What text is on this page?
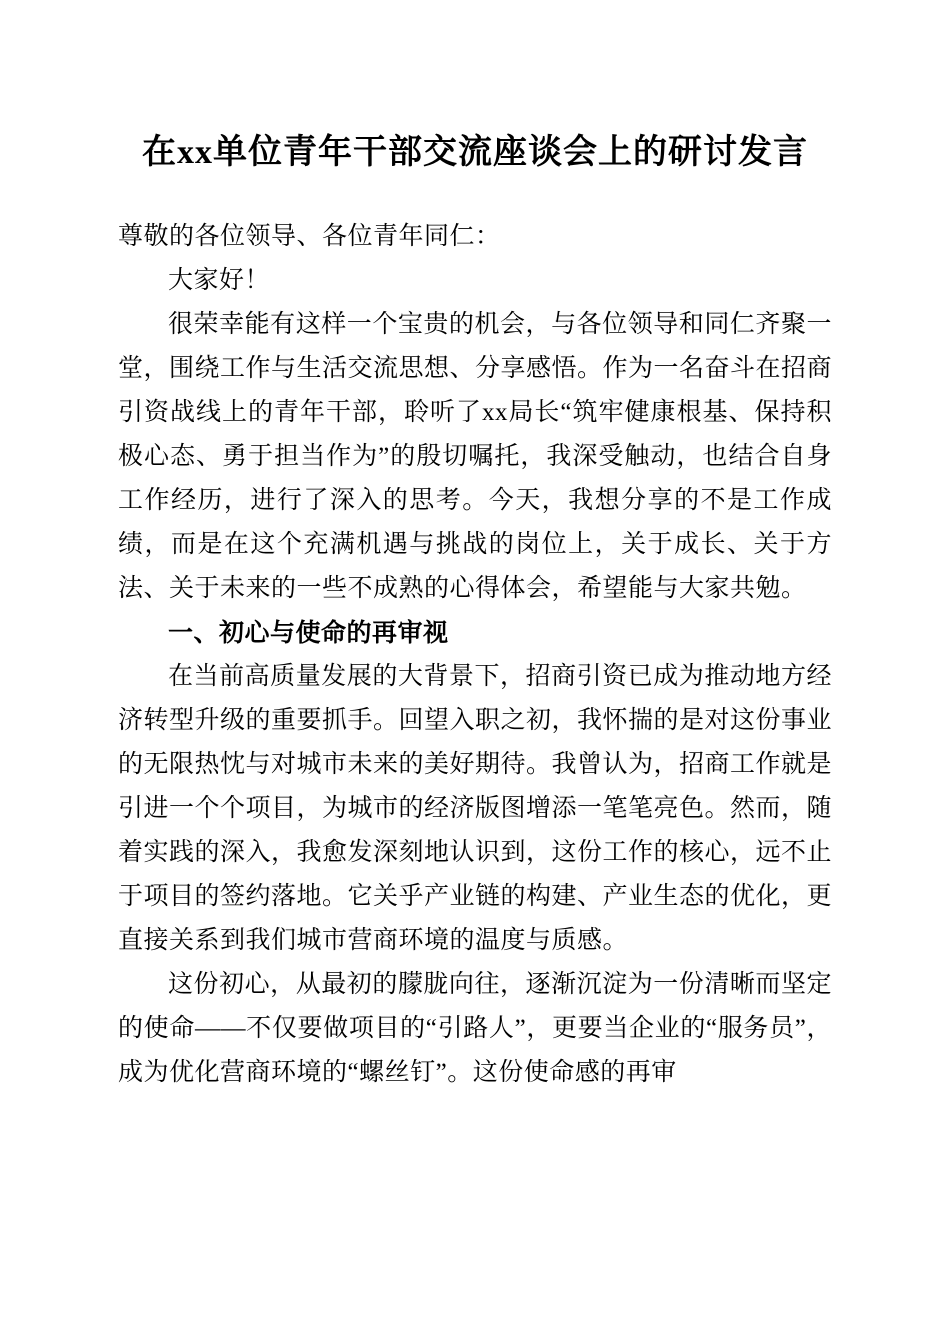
在xx单位青年干部交流座谈会上的研讨发言

尊敬的各位领导、各位青年同仁：

大家好！

很荣幸能有这样一个宝贵的机会，与各位领导和同仁齐聚一堂，围绕工作与生活交流思想、分享感悟。作为一名奋斗在招商引资战线上的青年干部，聆听了xx局长“筑牢健康根基、保持积极心态、勇于担当作为”的殷切嘱托，我深受触动，也结合自身工作经历，进行了深入的思考。今天，我想分享的不是工作成绩，而是在这个充满机遇与挑战的岗位上，关于成长、关于方法、关于未来的一些不成熟的心得体会，希望能与大家共勉。

一、初心与使命的再审视

在当前高质量发展的大背景下，招商引资已成为推动地方经济转型升级的重要抓手。回望入职之初，我怀揣的是对这份事业的无限热忱与对城市未来的美好期待。我曾认为，招商工作就是引进一个个项目，为城市的经济版图增添一笔笔亮色。然而，随着实践的深入，我愈发深刻地认识到，这份工作的核心，远不止于项目的签约落地。它关乎产业链的构建、产业生态的优化，更直接关系到我们城市营商环境的温度与质感。

这份初心，从最初的朦胧向往，逐渐沉淀为一份清晰而坚定的使命——不仅要做项目的“引路人”，更要当企业的“服务员”，成为优化营商环境的“螺丝钉”。这份使命感的再审
